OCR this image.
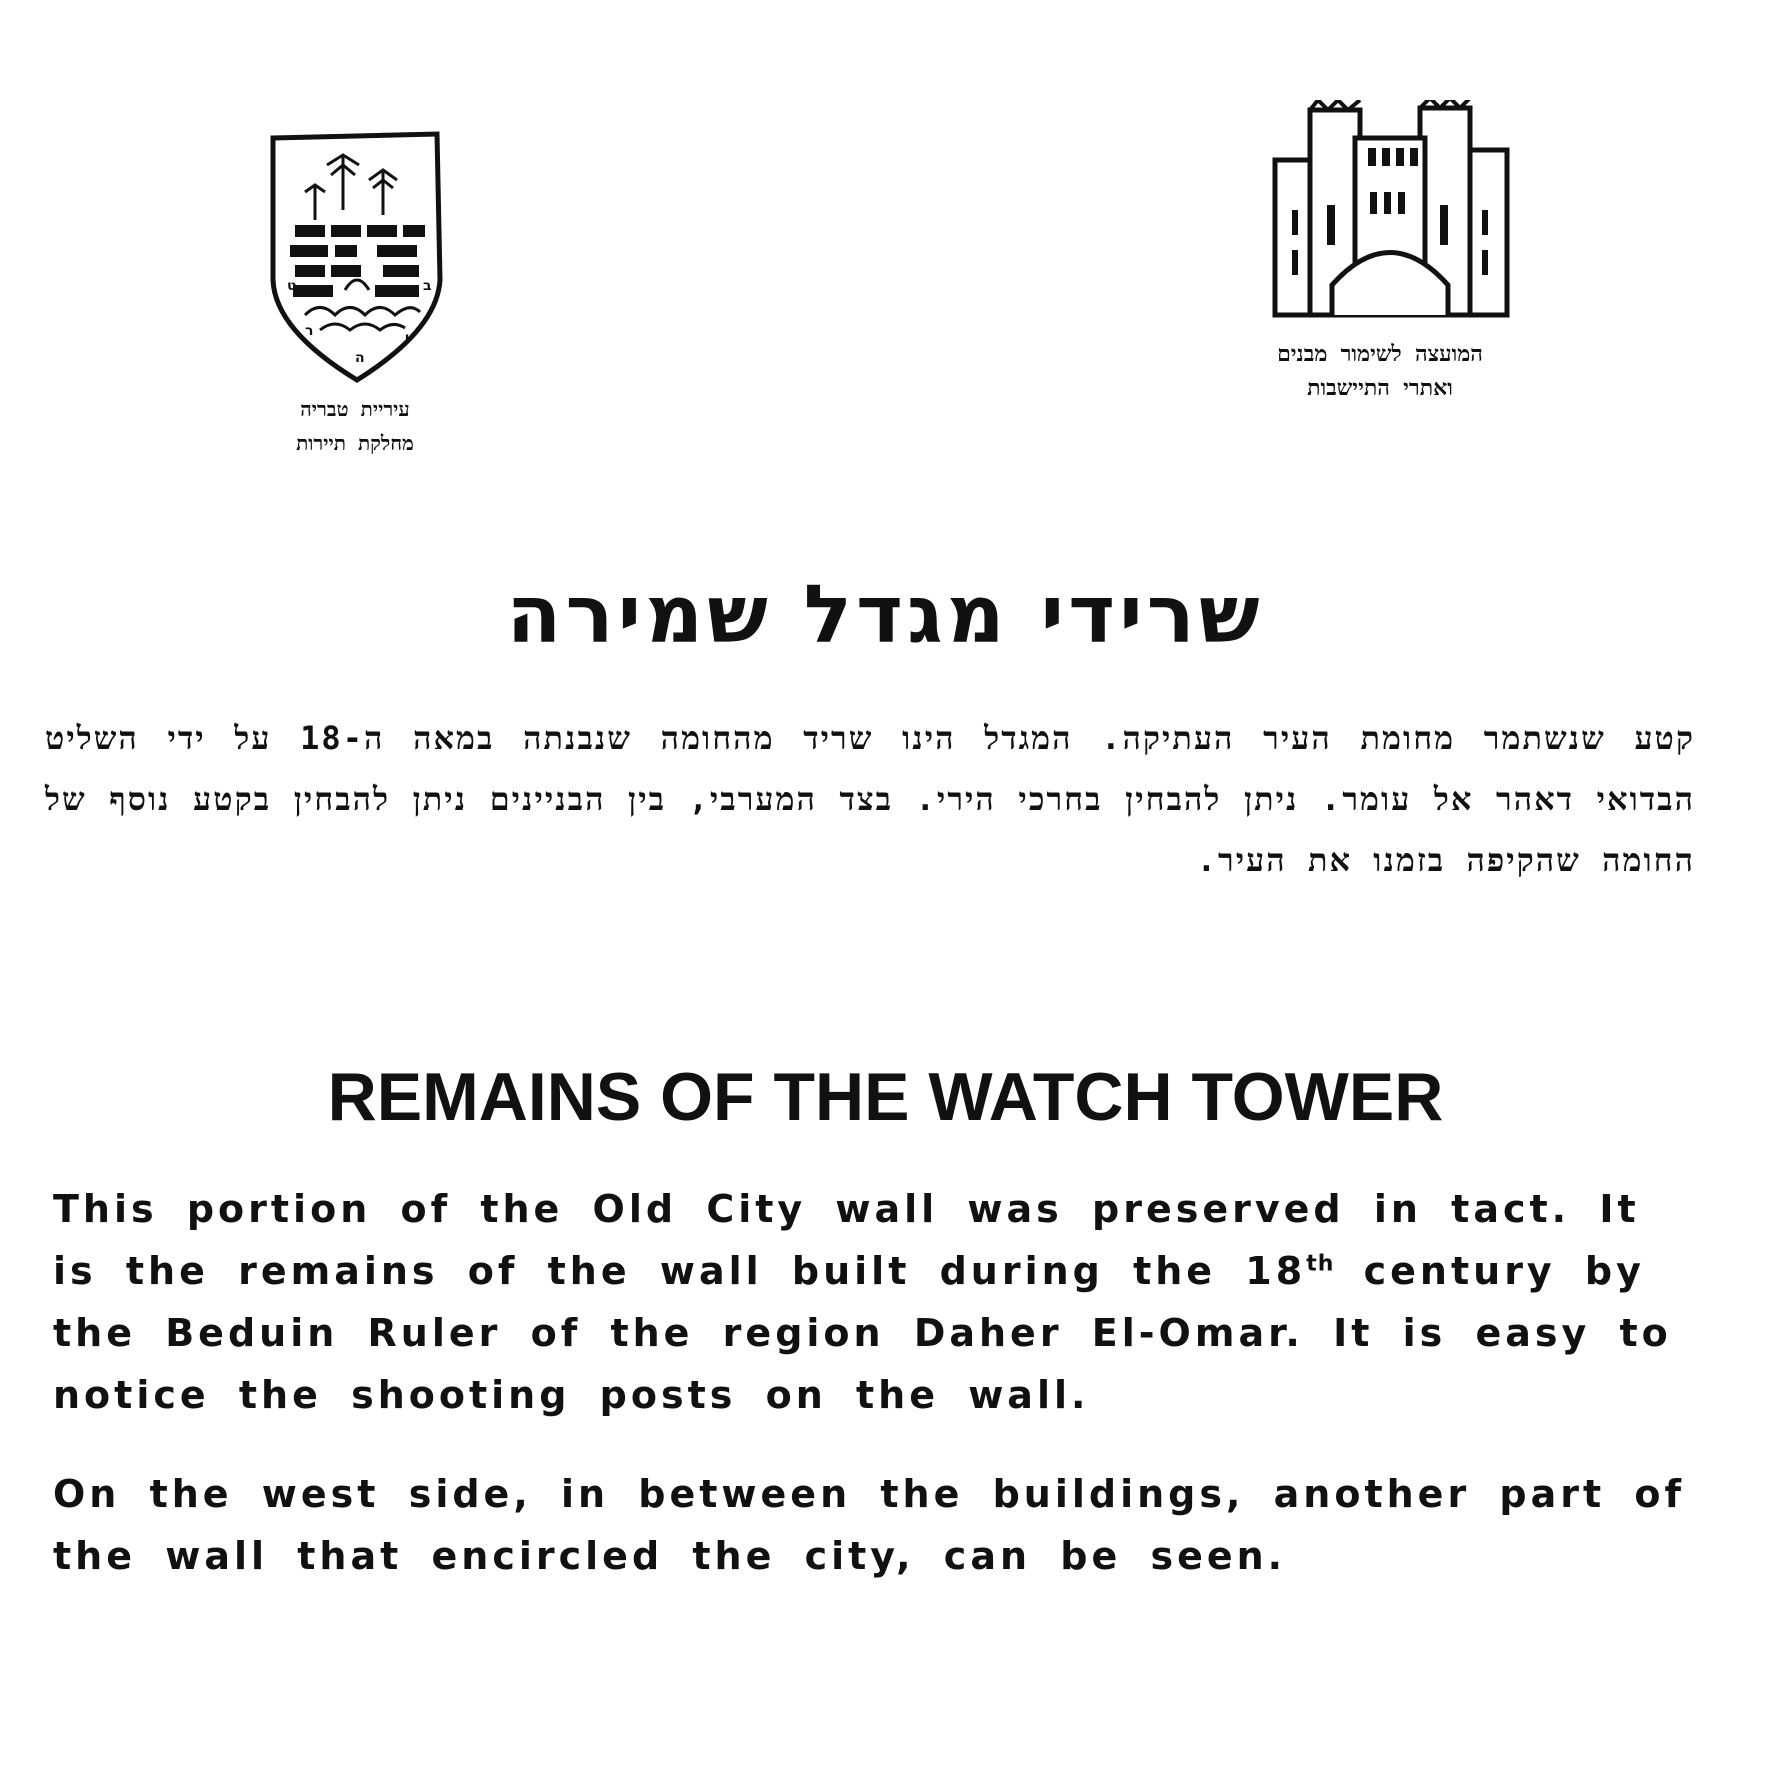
ט	ב
ר	י
ה
עיריית טבריה
מחלקת תיירות
המועצה לשימור מבנים
ואתרי התיישבות
שרידי מגדל שמירה
קטע שנשתמר מחומת העיר העתיקה. המגדל הינו שריד מהחומה שנבנתה במאה ה-18 על ידי השליט הבדואי דאהר אל עומר. ניתן להבחין בחרכי הירי. בצד המערבי, בין הבניינים ניתן להבחין בקטע נוסף של החומה שהקיפה בזמנו את העיר.
REMAINS OF THE WATCH TOWER
This portion of the Old City wall was preserved in tact. It is the remains of the wall built during the 18th century by the Beduin Ruler of the region Daher El-Omar. It is easy to notice the shooting posts on the wall.
On the west side, in between the buildings, another part of the wall that encircled the city, can be seen.
